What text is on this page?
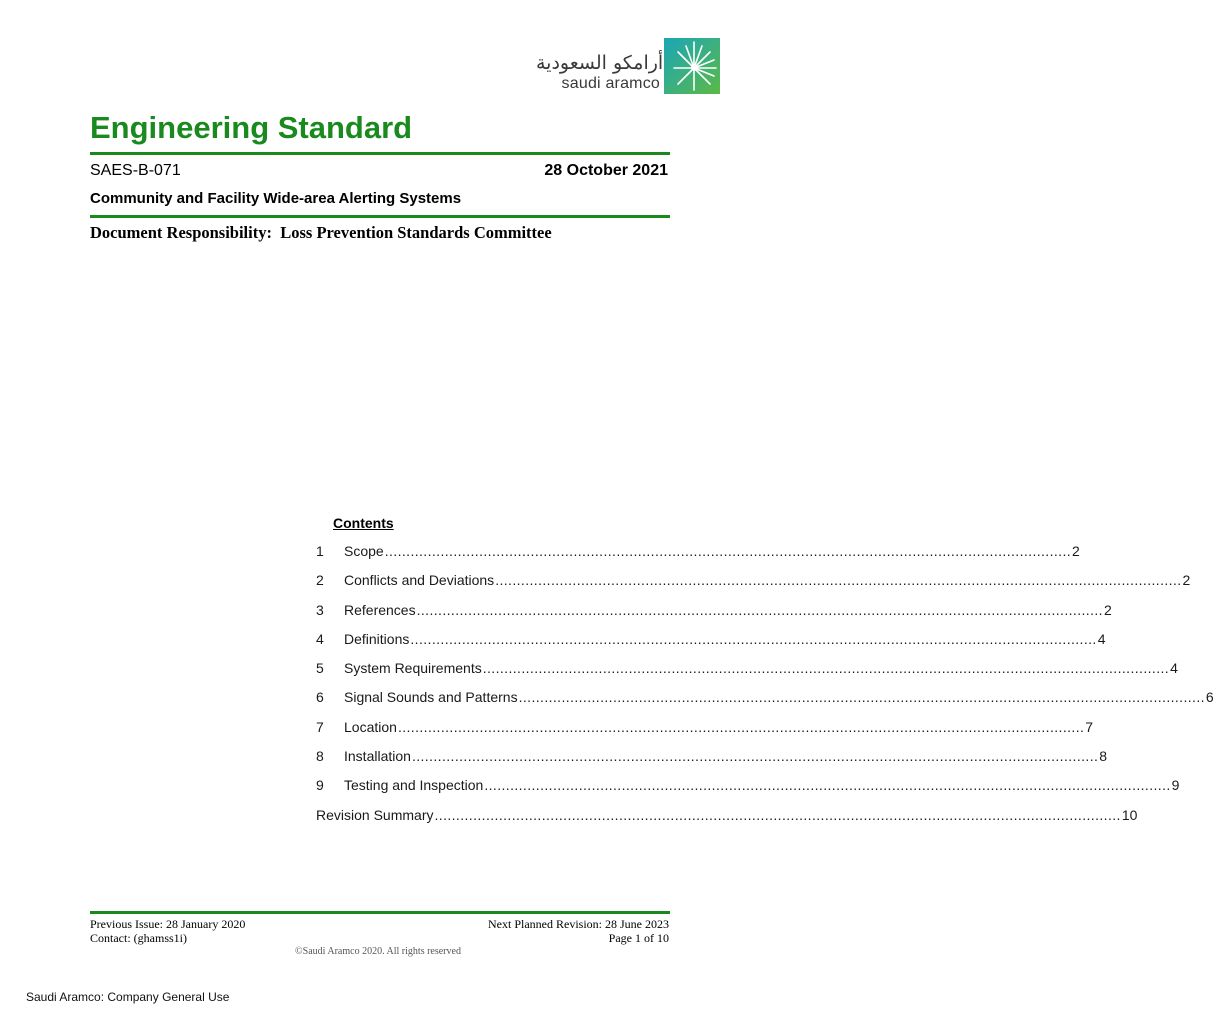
أرامكو السعودية
saudi aramco
Engineering Standard
SAES-B-071	28 October 2021
Community and Facility Wide-area Alerting Systems
Document Responsibility: Loss Prevention Standards Committee
Contents
1	Scope ................................................................................................................................................................ 2
2	Conflicts and Deviations ................................................................................................................................................................ 2
3	References ................................................................................................................................................................ 2
4	Definitions ................................................................................................................................................................ 4
5	System Requirements ................................................................................................................................................................ 4
6	Signal Sounds and Patterns ................................................................................................................................................................ 6
7	Location ................................................................................................................................................................ 7
8	Installation ................................................................................................................................................................ 8
9	Testing and Inspection ................................................................................................................................................................ 9
Revision Summary ................................................................................................................................................................ 10
Previous Issue: 28 January 2020
Contact: (ghamss1i)
Next Planned Revision: 28 June 2023
Page 1 of 10
©Saudi Aramco 2020. All rights reserved
Saudi Aramco: Company General Use
